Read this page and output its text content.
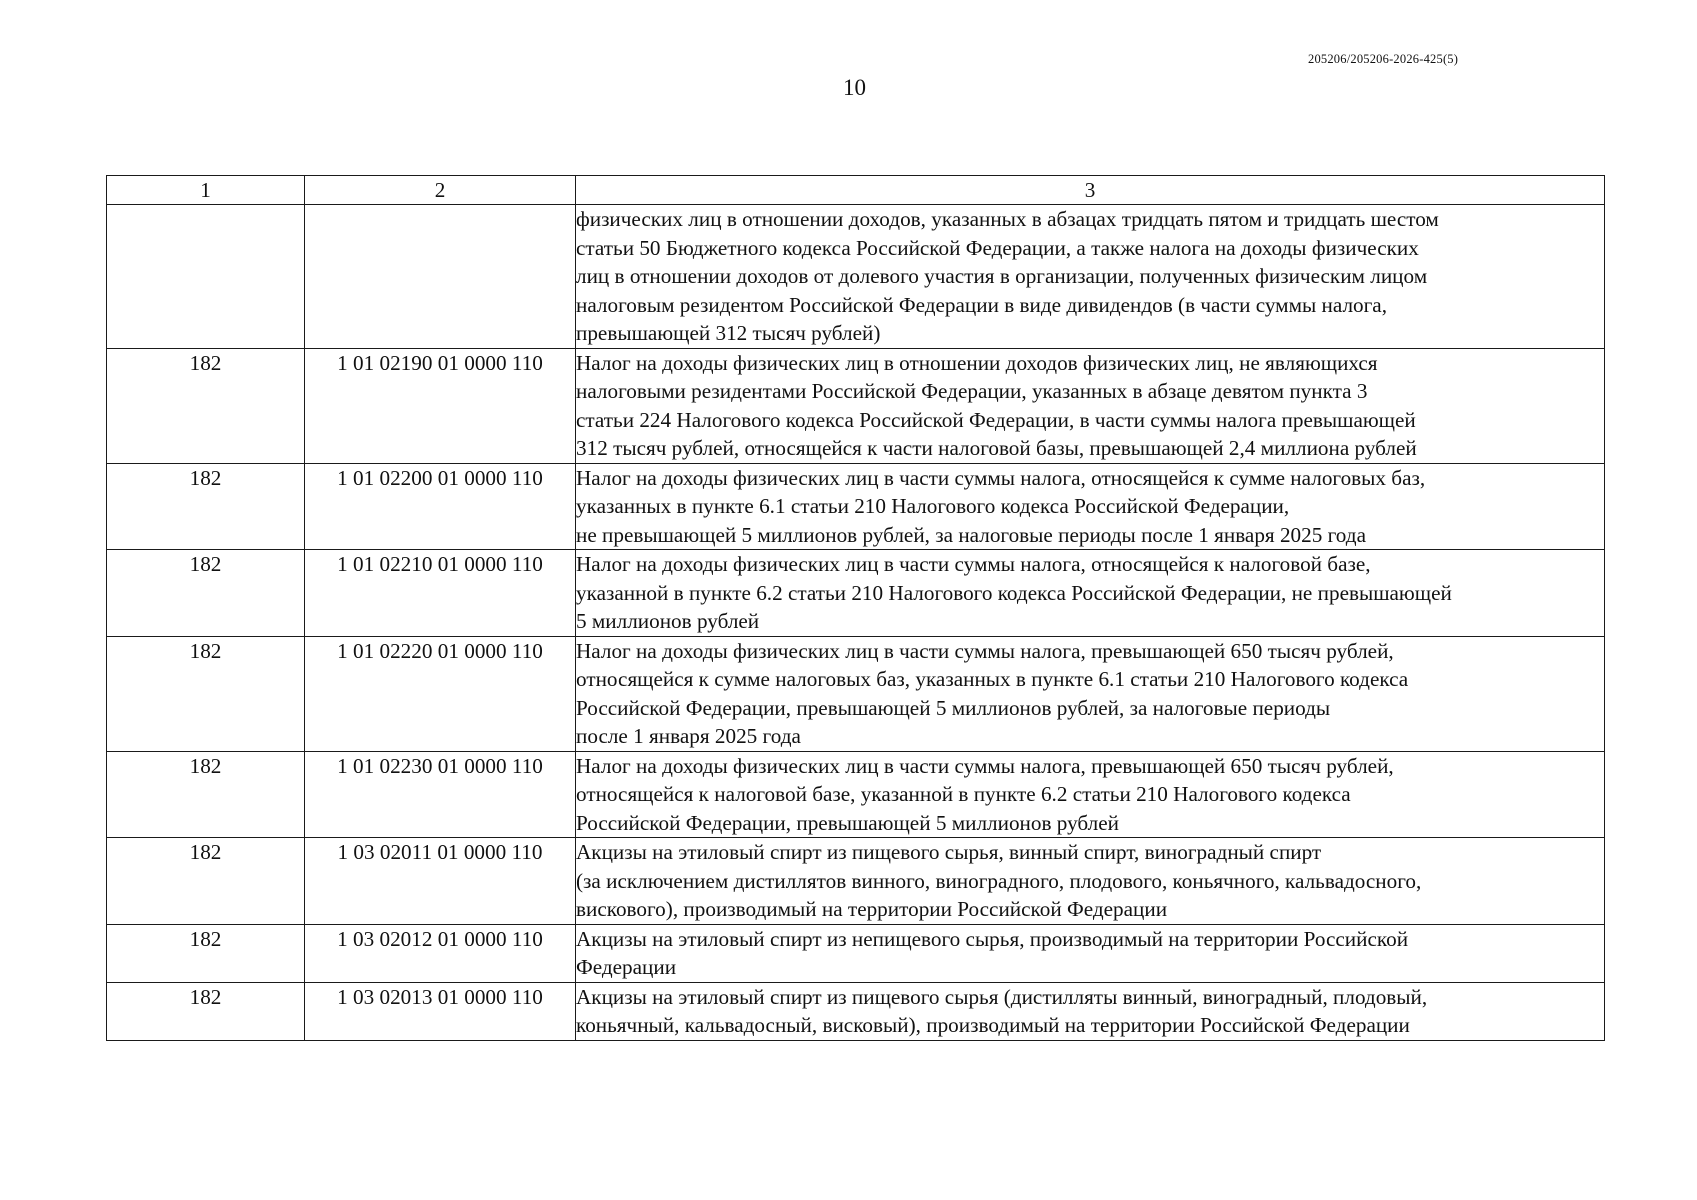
205206/205206-2026-425(5)
10
1	2	3

		физических лиц в отношении доходов, указанных в абзацах тридцать пятом и тридцать шестом
статьи 50 Бюджетного кодекса Российской Федерации, а также налога на доходы физических
лиц в отношении доходов от долевого участия в организации, полученных физическим лицом
налоговым резидентом Российской Федерации в виде дивидендов (в части суммы налога,
превышающей 312 тысяч рублей)

182	1 01 02190 01 0000 110	Налог на доходы физических лиц в отношении доходов физических лиц, не являющихся
налоговыми резидентами Российской Федерации, указанных в абзаце девятом пункта 3
статьи 224 Налогового кодекса Российской Федерации, в части суммы налога превышающей
312 тысяч рублей, относящейся к части налоговой базы, превышающей 2,4 миллиона рублей

182	1 01 02200 01 0000 110	Налог на доходы физических лиц в части суммы налога, относящейся к сумме налоговых баз,
указанных в пункте 6.1 статьи 210 Налогового кодекса Российской Федерации,
не превышающей 5 миллионов рублей, за налоговые периоды после 1 января 2025 года

182	1 01 02210 01 0000 110	Налог на доходы физических лиц в части суммы налога, относящейся к налоговой базе,
указанной в пункте 6.2 статьи 210 Налогового кодекса Российской Федерации, не превышающей
5 миллионов рублей

182	1 01 02220 01 0000 110	Налог на доходы физических лиц в части суммы налога, превышающей 650 тысяч рублей,
относящейся к сумме налоговых баз, указанных в пункте 6.1 статьи 210 Налогового кодекса
Российской Федерации, превышающей 5 миллионов рублей, за налоговые периоды
после 1 января 2025 года

182	1 01 02230 01 0000 110	Налог на доходы физических лиц в части суммы налога, превышающей 650 тысяч рублей,
относящейся к налоговой базе, указанной в пункте 6.2 статьи 210 Налогового кодекса
Российской Федерации, превышающей 5 миллионов рублей

182	1 03 02011 01 0000 110	Акцизы на этиловый спирт из пищевого сырья, винный спирт, виноградный спирт
(за исключением дистиллятов винного, виноградного, плодового, коньячного, кальвадосного,
вискового), производимый на территории Российской Федерации

182	1 03 02012 01 0000 110	Акцизы на этиловый спирт из непищевого сырья, производимый на территории Российской
Федерации

182	1 03 02013 01 0000 110	Акцизы на этиловый спирт из пищевого сырья (дистилляты винный, виноградный, плодовый,
коньячный, кальвадосный, висковый), производимый на территории Российской Федерации
